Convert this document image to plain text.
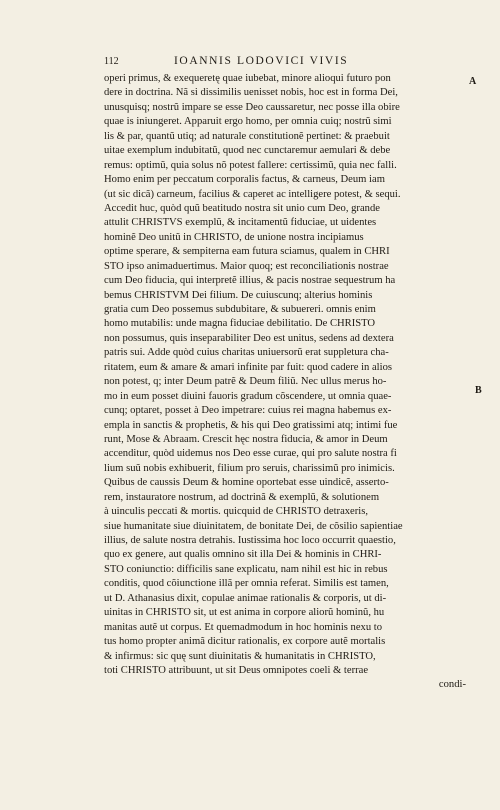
112	IOANNIS LODOVICI VIVIS
A
B
operi primus, & exequeretę quae iubebat, minore alioqui futuro pon
dere in doctrina. Nã si dissimilis uenisset nobis, hoc est in forma Dei,
unusquisq; nostrũ impare se esse Deo caussaretur, nec posse illa obire
quae is iniungeret. Apparuit ergo homo, per omnia cuiq; nostrũ simi
lis & par, quantũ utiq; ad naturale constitutionẽ pertinet: & praebuit
uitae exemplum indubitatũ, quod nec cunctaremur aemulari & debe
remus: optimũ, quia solus nõ potest fallere: certissimũ, quia nec falli.
Homo enim per peccatum corporalis factus, & carneus, Deum iam
(ut sic dicã) carneum, facilius & caperet ac intelligere potest, & sequi.
Accedit huc, quòd quũ beatitudo nostra sit unio cum Deo, grande
attulit CHRISTVS exemplũ, & incitamentũ fiduciae, ut uidentes
hominẽ Deo unitũ in CHRISTO, de unione nostra incipiamus
optime sperare, & sempiterna eam futura sciamus, qualem in CHRI
STO ipso animaduertimus. Maior quoq; est reconciliationis nostrae
cum Deo fiducia, qui interpretẽ illius, & pacis nostrae sequestrum ha
bemus CHRISTVM Dei filium. De cuiuscunq; alterius hominis
gratia cum Deo possemus subdubitare, & subuereri. omnis enim
homo mutabilis: unde magna fiduciae debilitatio. De CHRISTO
non possumus, quis inseparabiliter Deo est unitus, sedens ad dextera
patris sui. Adde quòd cuius charitas uniuersorũ erat suppletura cha-
ritatem, eum & amare & amari infinite par fuit: quod cadere in alios
non potest, q; inter Deum patrẽ & Deum filiũ. Nec ullus merus ho-
mo in eum posset diuini fauoris gradum cõscendere, ut omnia quae-
cunq; optaret, posset à Deo impetrare: cuius rei magna habemus ex-
empla in sanctis & prophetis, & his qui Deo gratissimi atq; intimi fue
runt, Mose & Abraam. Crescit hęc nostra fiducia, & amor in Deum
accenditur, quòd uidemus nos Deo esse curae, qui pro salute nostra fi
lium suũ nobis exhibuerit, filium pro seruis, charissimũ pro inimicis.
Quibus de caussis Deum & homine oportebat esse uindicẽ, asserto-
rem, instauratore nostrum, ad doctrinã & exemplũ, & solutionem
à uinculis peccati & mortis. quicquid de CHRISTO detraxeris,
siue humanitate siue diuinitatem, de bonitate Dei, de cõsilio sapientiae
illius, de salute nostra detrahis. Iustissima hoc loco occurrit quaestio,
quo ex genere, aut qualis omnino sit illa Dei & hominis in CHRI-
STO coniunctio: difficilis sane explicatu, nam nihil est hic in rebus
conditis, quod cõiunctione illã per omnia referat. Similis est tamen,
ut D. Athanasius dixit, copulae animae rationalis & corporis, ut di-
uinitas in CHRISTO sit, ut est anima in corpore aliorũ hominũ, hu
manitas autẽ ut corpus. Et quemadmodum in hoc hominis nexu to
tus homo propter animã dicitur rationalis, ex corpore autẽ mortalis
& infirmus: sic quę sunt diuinitatis & humanitatis in CHRISTO,
toti CHRISTO attribuunt, ut sit Deus omnipotes coeli & terrae
condi-
